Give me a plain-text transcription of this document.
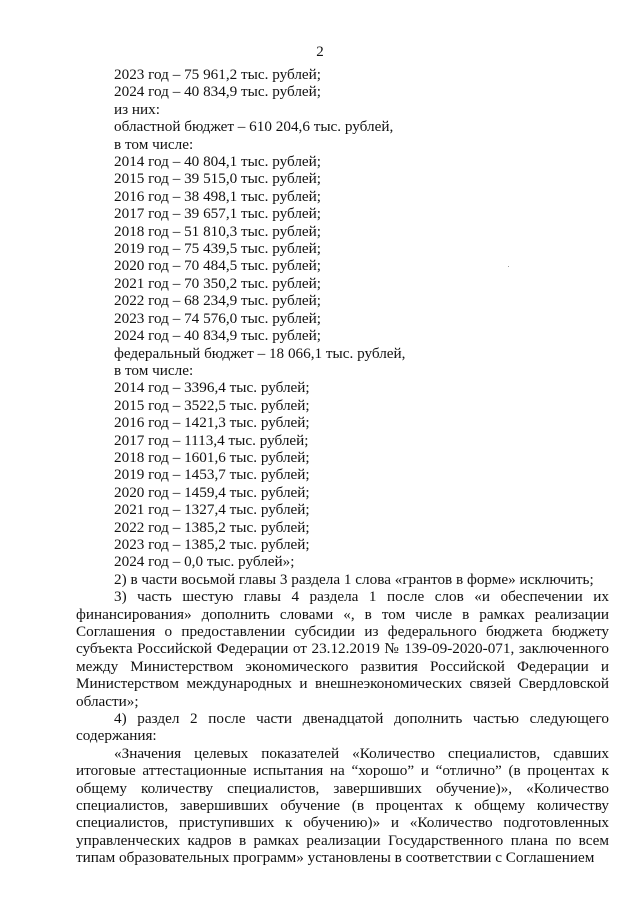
2

2023 год – 75 961,2 тыс. рублей;

2024 год – 40 834,9 тыс. рублей;

из них:

областной бюджет – 610 204,6 тыс. рублей,

в том числе:

2014 год – 40 804,1 тыс. рублей;

2015 год – 39 515,0 тыс. рублей;

2016 год – 38 498,1 тыс. рублей;

2017 год – 39 657,1 тыс. рублей;

2018 год – 51 810,3 тыс. рублей;

2019 год – 75 439,5 тыс. рублей;

2020 год – 70 484,5 тыс. рублей;

2021 год – 70 350,2 тыс. рублей;

2022 год – 68 234,9 тыс. рублей;

2023 год – 74 576,0 тыс. рублей;

2024 год – 40 834,9 тыс. рублей;

федеральный бюджет – 18 066,1 тыс. рублей,

в том числе:

2014 год – 3396,4 тыс. рублей;

2015 год – 3522,5 тыс. рублей;

2016 год – 1421,3 тыс. рублей;

2017 год – 1113,4 тыс. рублей;

2018 год – 1601,6 тыс. рублей;

2019 год – 1453,7 тыс. рублей;

2020 год – 1459,4 тыс. рублей;

2021 год – 1327,4 тыс. рублей;

2022 год – 1385,2 тыс. рублей;

2023 год – 1385,2 тыс. рублей;

2024 год – 0,0 тыс. рублей»;

2) в части восьмой главы 3 раздела 1 слова «грантов в форме» исключить;

3) часть шестую главы 4 раздела 1 после слов «и обеспечении их финансирования» дополнить словами «, в том числе в рамках реализации Соглашения о предоставлении субсидии из федерального бюджета бюджету субъекта Российской Федерации от 23.12.2019 № 139-09-2020-071, заключенного между Министерством экономического развития Российской Федерации и Министерством международных и внешнеэкономических связей Свердловской области»;

4) раздел 2 после части двенадцатой дополнить частью следующего содержания:

«Значения целевых показателей «Количество специалистов, сдавших итоговые аттестационные испытания на “хорошо” и “отлично” (в процентах к общему количеству специалистов, завершивших обучение)», «Количество специалистов, завершивших обучение (в процентах к общему количеству специалистов, приступивших к обучению)» и «Количество подготовленных управленческих кадров в рамках реализации Государственного плана по всем типам образовательных программ» установлены в соответствии с Соглашением
